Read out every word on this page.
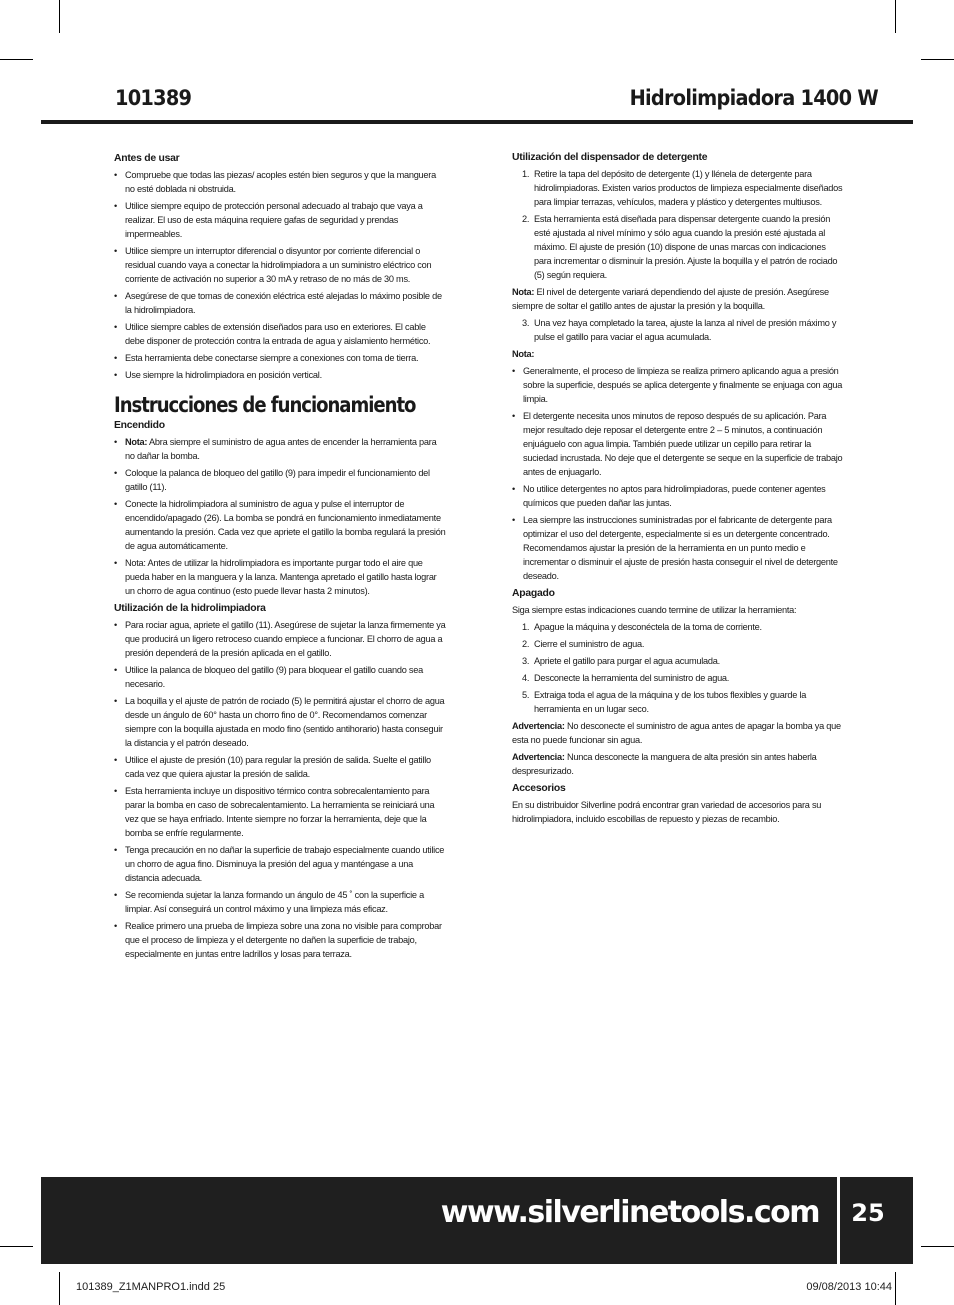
101389	Hidrolimpiadora 1400 W
Antes de usar
• Compruebe que todas las piezas/ acoples estén bien seguros y que la manguera no esté doblada ni obstruida.
• Utilice siempre equipo de protección personal adecuado al trabajo que vaya a realizar. El uso de esta máquina requiere gafas de seguridad y prendas impermeables.
• Utilice siempre un interruptor diferencial o disyuntor por corriente diferencial o residual cuando vaya a conectar la hidrolimpiadora a un suministro eléctrico con corriente de activación no superior a 30 mA y retraso de no más de 30 ms.
• Asegúrese de que tomas de conexión eléctrica esté alejadas lo máximo posible de la hidrolimpiadora.
• Utilice siempre cables de extensión diseñados para uso en exteriores. El cable debe disponer de protección contra la entrada de agua y aislamiento hermético.
• Esta herramienta debe conectarse siempre a conexiones con toma de tierra.
• Use siempre la hidrolimpiadora en posición vertical.
Instrucciones de funcionamiento
Encendido
• Nota: Abra siempre el suministro de agua antes de encender la herramienta para no dañar la bomba.
• Coloque la palanca de bloqueo del gatillo (9) para impedir el funcionamiento del gatillo (11).
• Conecte la hidrolimpiadora al suministro de agua y pulse el interruptor de encendido/apagado (26). La bomba se pondrá en funcionamiento inmediatamente aumentando la presión. Cada vez que apriete el gatillo la bomba regulará la presión de agua automáticamente.
• Nota: Antes de utilizar la hidrolimpiadora es importante purgar todo el aire que pueda haber en la manguera y la lanza. Mantenga apretado el gatillo hasta lograr un chorro de agua continuo (esto puede llevar hasta 2 minutos).
Utilización de la hidrolimpiadora
• Para rociar agua, apriete el gatillo (11). Asegúrese de sujetar la lanza firmemente ya que producirá un ligero retroceso cuando empiece a funcionar. El chorro de agua a presión dependerá de la presión aplicada en el gatillo.
• Utilice la palanca de bloqueo del gatillo (9) para bloquear el gatillo cuando sea necesario.
• La boquilla y el ajuste de patrón de rociado (5) le permitirá ajustar el chorro de agua desde un ángulo de 60° hasta un chorro fino de 0°. Recomendamos comenzar siempre con la boquilla ajustada en modo fino (sentido antihorario) hasta conseguir la distancia y el patrón deseado.
• Utilice el ajuste de presión (10) para regular la presión de salida. Suelte el gatillo cada vez que quiera ajustar la presión de salida.
• Esta herramienta incluye un dispositivo térmico contra sobrecalentamiento para parar la bomba en caso de sobrecalentamiento. La herramienta se reiniciará una vez que se haya enfriado. Intente siempre no forzar la herramienta, deje que la bomba se enfríe regularmente.
• Tenga precaución en no dañar la superficie de trabajo especialmente cuando utilice un chorro de agua fino. Disminuya la presión del agua y manténgase a una distancia adecuada.
• Se recomienda sujetar la lanza formando un ángulo de 45 ˚ con la superficie a limpiar. Así conseguirá un control máximo y una limpieza más eficaz.
• Realice primero una prueba de limpieza sobre una zona no visible para comprobar que el proceso de limpieza y el detergente no dañen la superficie de trabajo, especialmente en juntas entre ladrillos y losas para terraza.
Utilización del dispensador de detergente
1. Retire la tapa del depósito de detergente (1) y llénela de detergente para hidrolimpiadoras. Existen varios productos de limpieza especialmente diseñados para limpiar terrazas, vehículos, madera y plástico y detergentes multiusos.
2. Esta herramienta está diseñada para dispensar detergente cuando la presión esté ajustada al nivel mínimo y sólo agua cuando la presión esté ajustada al máximo. El ajuste de presión (10) dispone de unas marcas con indicaciones para incrementar o disminuir la presión. Ajuste la boquilla y el patrón de rociado (5) según requiera.

Nota: El nivel de detergente variará dependiendo del ajuste de presión. Asegúrese siempre de soltar el gatillo antes de ajustar la presión y la boquilla.

3. Una vez haya completado la tarea, ajuste la lanza al nivel de presión máximo y pulse el gatillo para vaciar el agua acumulada.

Nota:

• Generalmente, el proceso de limpieza se realiza primero aplicando agua a presión sobre la superficie, después se aplica detergente y finalmente se enjuaga con agua limpia.
• El detergente necesita unos minutos de reposo después de su aplicación. Para mejor resultado deje reposar el detergente entre 2 – 5 minutos, a continuación enjuáguelo con agua limpia. También puede utilizar un cepillo para retirar la suciedad incrustada. No deje que el detergente se seque en la superficie de trabajo antes de enjuagarlo.
• No utilice detergentes no aptos para hidrolimpiadoras, puede contener agentes químicos que pueden dañar las juntas.
• Lea siempre las instrucciones suministradas por el fabricante de detergente para optimizar el uso del detergente, especialmente si es un detergente concentrado. Recomendamos ajustar la presión de la herramienta en un punto medio e incrementar o disminuir el ajuste de presión hasta conseguir el nivel de detergente deseado.
Apagado

Siga siempre estas indicaciones cuando termine de utilizar la herramienta:

1. Apague la máquina y desconéctela de la toma de corriente.
2. Cierre el suministro de agua.
3. Apriete el gatillo para purgar el agua acumulada.
4. Desconecte la herramienta del suministro de agua.
5. Extraiga toda el agua de la máquina y de los tubos flexibles y guarde la herramienta en un lugar seco.

Advertencia: No desconecte el suministro de agua antes de apagar la bomba ya que esta no puede funcionar sin agua.

Advertencia: Nunca desconecte la manguera de alta presión sin antes haberla despresurizado.

Accesorios

En su distribuidor Silverline podrá encontrar gran variedad de accesorios para su hidrolimpiadora, incluido escobillas de repuesto y piezas de recambio.

www.silverlinetools.com	25
101389_Z1MANPRO1.indd 25	09/08/2013 10:44
